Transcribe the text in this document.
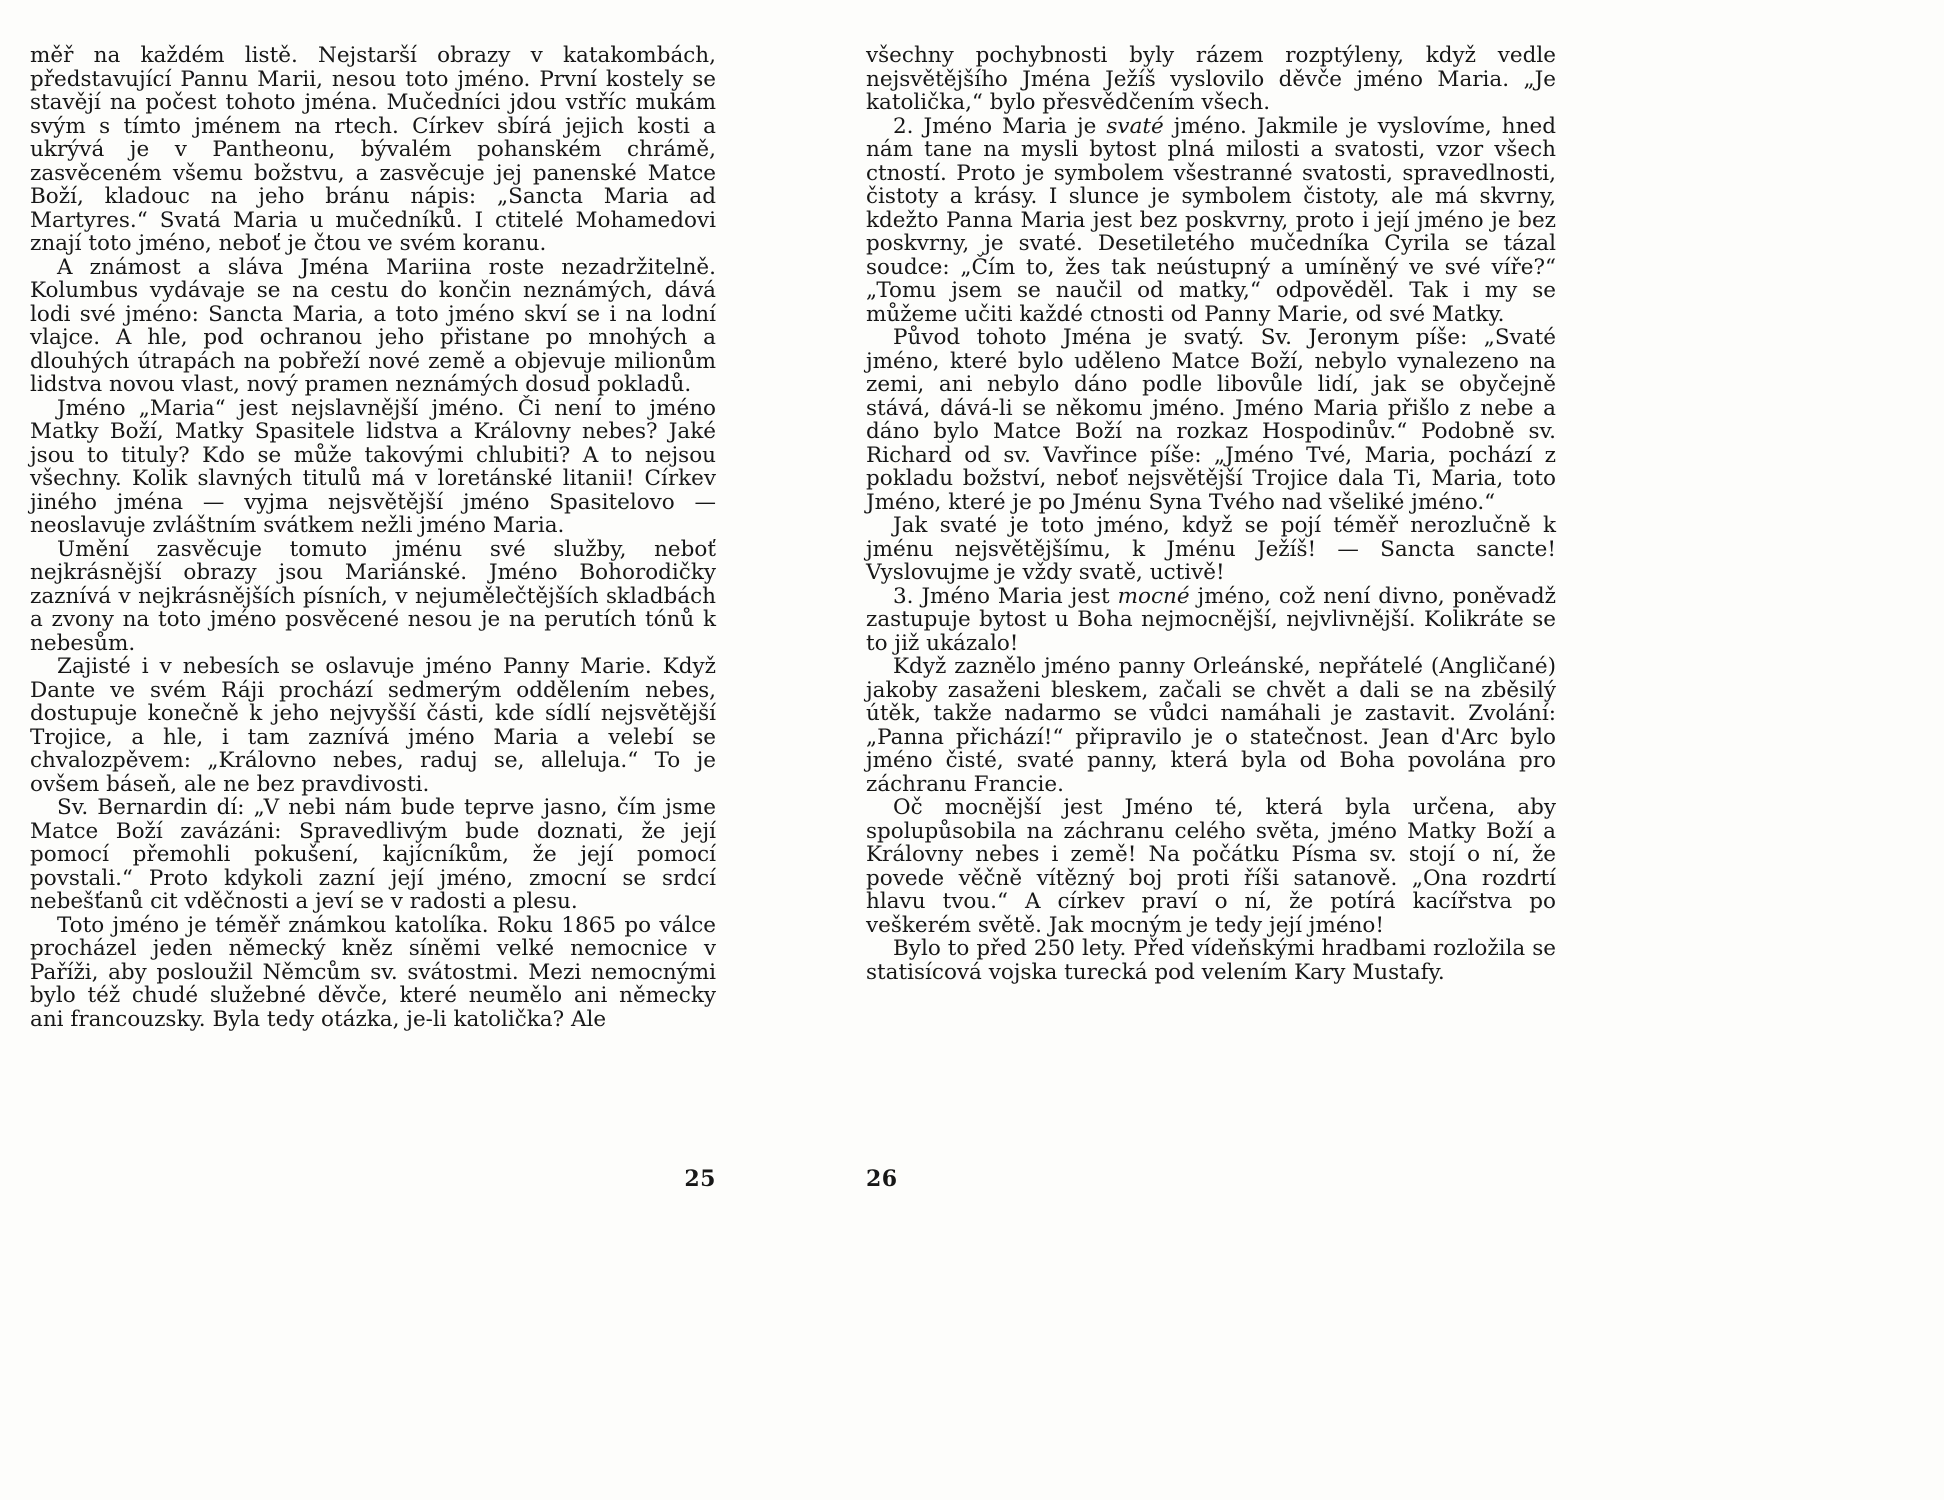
měř na každém listě. Nejstarší obrazy v katakombách, představující Pannu Marii, nesou toto jméno. První kostely se stavějí na počest tohoto jména. Mučedníci jdou vstříc mukám svým s tímto jménem na rtech. Církev sbírá jejich kosti a ukrývá je v Pantheonu, bývalém pohanském chrámě, zasvěceném všemu božstvu, a zasvěcuje jej panenské Matce Boží, kladouc na jeho bránu nápis: „Sancta Maria ad Martyres.“ Svatá Maria u mučedníků. I ctitelé Mohamedovi znají toto jméno, neboť je čtou ve svém koranu.

A známost a sláva Jména Mariina roste nezadržitelně. Kolumbus vydávaje se na cestu do končin neznámých, dává lodi své jméno: Sancta Maria, a toto jméno skví se i na lodní vlajce. A hle, pod ochranou jeho přistane po mnohých a dlouhých útrapách na pobřeží nové země a objevuje milionům lidstva novou vlast, nový pramen neznámých dosud pokladů.

Jméno „Maria“ jest nejslavnější jméno. Či není to jméno Matky Boží, Matky Spasitele lidstva a Královny nebes? Jaké jsou to tituly? Kdo se může takovými chlubiti? A to nejsou všechny. Kolik slavných titulů má v loretánské litanii! Církev jiného jména — vyjma nejsvětější jméno Spasitelovo — neoslavuje zvláštním svátkem nežli jméno Maria.

Umění zasvěcuje tomuto jménu své služby, neboť nejkrásnější obrazy jsou Mariánské. Jméno Bohorodičky zaznívá v nejkrásnějších písních, v nejumělečtějších skladbách a zvony na toto jméno posvěcené nesou je na perutích tónů k nebesům.

Zajisté i v nebesích se oslavuje jméno Panny Marie. Když Dante ve svém Ráji prochází sedmerým oddělením nebes, dostupuje konečně k jeho nejvyšší části, kde sídlí nejsvětější Trojice, a hle, i tam zaznívá jméno Maria a velebí se chvalozpěvem: „Královno nebes, raduj se, alleluja.“ To je ovšem báseň, ale ne bez pravdivosti.

Sv. Bernardin dí: „V nebi nám bude teprve jasno, čím jsme Matce Boží zavázáni: Spravedlivým bude doznati, že její pomocí přemohli pokušení, kajícníkům, že její pomocí povstali.“ Proto kdykoli zazní její jméno, zmocní se srdcí nebešťanů cit vděčnosti a jeví se v radosti a plesu.

Toto jméno je téměř známkou katolíka. Roku 1865 po válce procházel jeden německý kněz síněmi velké nemocnice v Paříži, aby posloužil Němcům sv. svátostmi. Mezi nemocnými bylo též chudé služebné děvče, které neumělo ani německy ani francouzsky. Byla tedy otázka, je-li katolička? Ale

všechny pochybnosti byly rázem rozptýleny, když vedle nejsvětějšího Jména Ježíš vyslovilo děvče jméno Maria. „Je katolička,“ bylo přesvědčením všech.

2. Jméno Maria je svaté jméno. Jakmile je vyslovíme, hned nám tane na mysli bytost plná milosti a svatosti, vzor všech ctností. Proto je symbolem všestranné svatosti, spravedlnosti, čistoty a krásy. I slunce je symbolem čistoty, ale má skvrny, kdežto Panna Maria jest bez poskvrny, proto i její jméno je bez poskvrny, je svaté. Desetiletého mučedníka Cyrila se tázal soudce: „Čím to, žes tak neústupný a umíněný ve své víře?“ „Tomu jsem se naučil od matky,“ odpověděl. Tak i my se můžeme učiti každé ctnosti od Panny Marie, od své Matky.

Původ tohoto Jména je svatý. Sv. Jeronym píše: „Svaté jméno, které bylo uděleno Matce Boží, nebylo vynalezeno na zemi, ani nebylo dáno podle libovůle lidí, jak se obyčejně stává, dává-li se někomu jméno. Jméno Maria přišlo z nebe a dáno bylo Matce Boží na rozkaz Hospodinův.“ Podobně sv. Richard od sv. Vavřince píše: „Jméno Tvé, Maria, pochází z pokladu božství, neboť nejsvětější Trojice dala Ti, Maria, toto Jméno, které je po Jménu Syna Tvého nad všeliké jméno.“

Jak svaté je toto jméno, když se pojí téměř nerozlučně k jménu nejsvětějšímu, k Jménu Ježíš! — Sancta sancte! Vyslovujme je vždy svatě, uctivě!

3. Jméno Maria jest mocné jméno, což není divno, poněvadž zastupuje bytost u Boha nejmocnější, nejvlivnější. Kolikráte se to již ukázalo!

Když zaznělo jméno panny Orleánské, nepřátelé (Angličané) jakoby zasaženi bleskem, začali se chvět a dali se na zběsilý útěk, takže nadarmo se vůdci namáhali je zastavit. Zvolání: „Panna přichází!“ připravilo je o statečnost. Jean d'Arc bylo jméno čisté, svaté panny, která byla od Boha povolána pro záchranu Francie.

Oč mocnější jest Jméno té, která byla určena, aby spolupůsobila na záchranu celého světa, jméno Matky Boží a Královny nebes i země! Na počátku Písma sv. stojí o ní, že povede věčně vítězný boj proti říši satanově. „Ona rozdrtí hlavu tvou.“ A církev praví o ní, že potírá kacířstva po veškerém světě. Jak mocným je tedy její jméno!

Bylo to před 250 lety. Před vídeňskými hradbami rozložila se statisícová vojska turecká pod velením Kary Mustafy.

25	26
